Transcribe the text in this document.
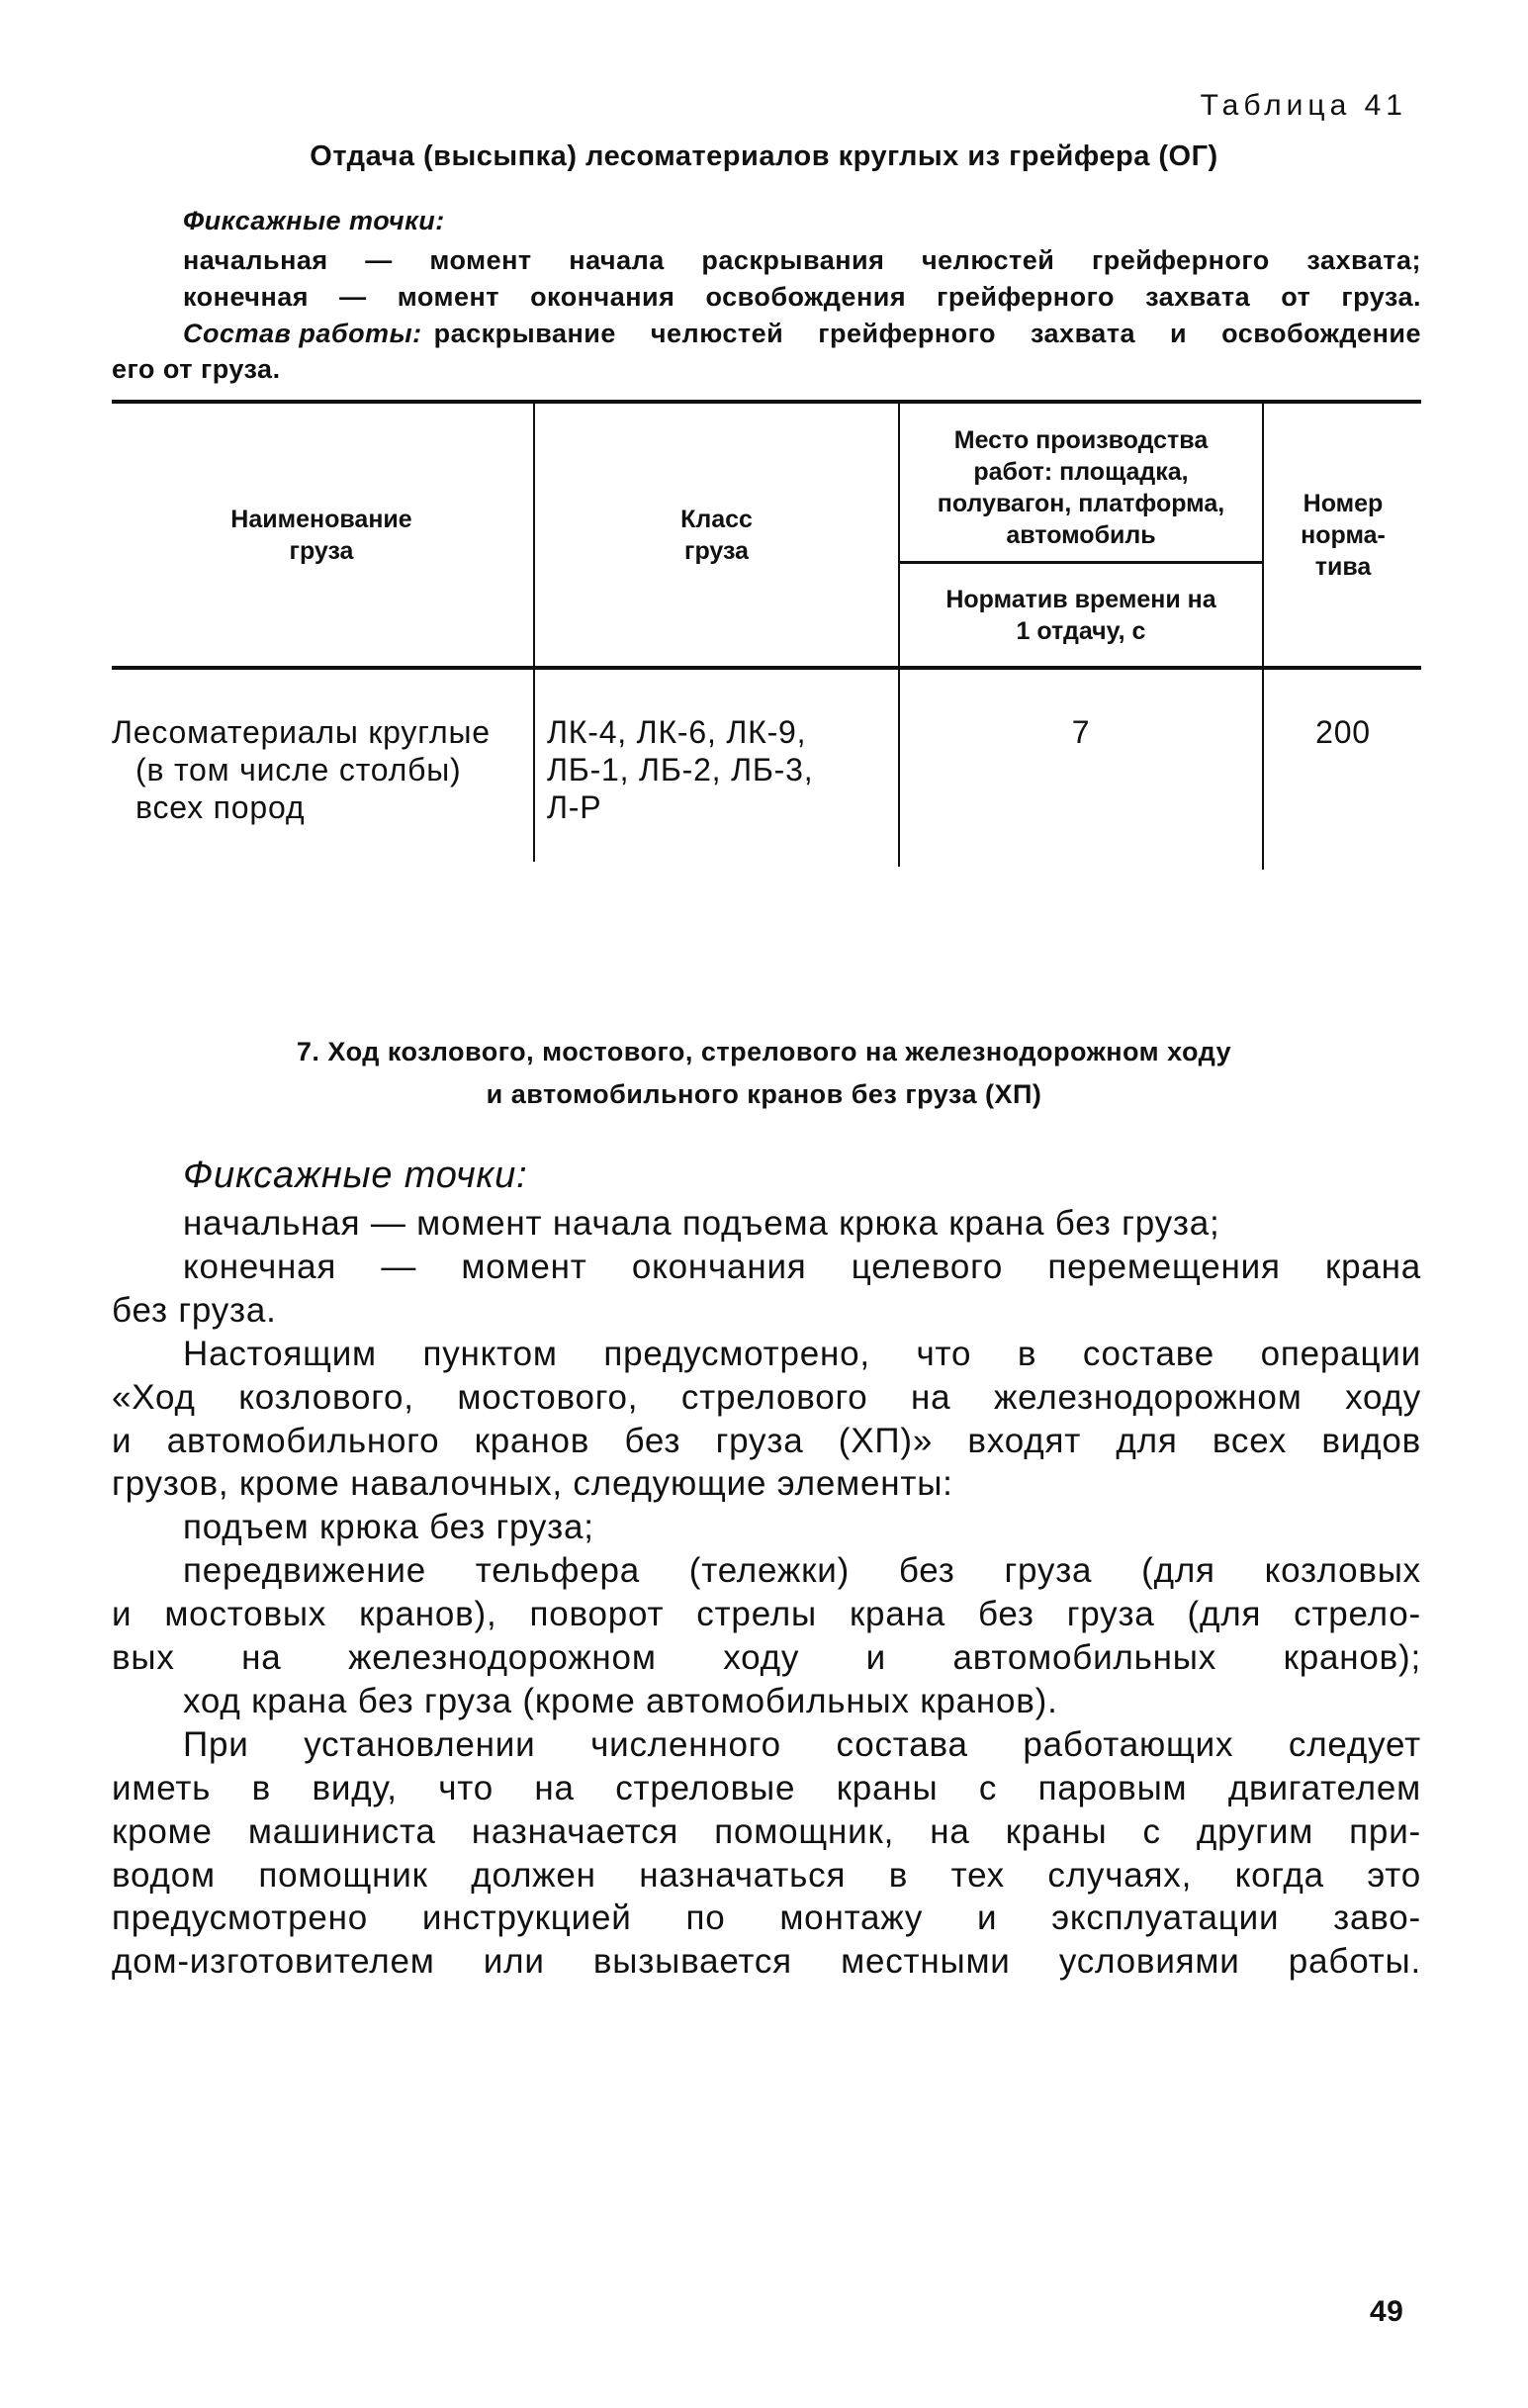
Таблица 41
Отдача (высыпка) лесоматериалов круглых из грейфера (ОГ)
Фиксажные точки:
начальная — момент начала раскрывания челюстей грейферного захвата;
конечная — момент окончания освобождения грейферного захвата от груза.
Состав работы: раскрывание челюстей грейферного захвата и освобождение
его от груза.
Наименование груза
Класс груза
Место производства работ: площадка, полувагон, платформа, автомобиль
Норматив времени на 1 отдачу, с
Номер норма-тива
Лесоматериалы круглые
(в том числе столбы)
всех пород
ЛК-4, ЛК-6, ЛК-9,
ЛБ-1, ЛБ-2, ЛБ-3,
Л-Р
7	200
7. Ход козлового, мостового, стрелового на железнодорожном ходу
и автомобильного кранов без груза (ХП)
Фиксажные точки:
начальная — момент начала подъема крюка крана без груза;
конечная — момент окончания целевого перемещения крана
без груза.
Настоящим пунктом предусмотрено, что в составе операции
«Ход козлового, мостового, стрелового на железнодорожном ходу
и автомобильного кранов без груза (ХП)» входят для всех видов
грузов, кроме навалочных, следующие элементы:
подъем крюка без груза;
передвижение тельфера (тележки) без груза (для козловых
и мостовых кранов), поворот стрелы крана без груза (для стрело-
вых на железнодорожном ходу и автомобильных кранов);
ход крана без груза (кроме автомобильных кранов).
При установлении численного состава работающих следует
иметь в виду, что на стреловые краны с паровым двигателем
кроме машиниста назначается помощник, на краны с другим при-
водом помощник должен назначаться в тех случаях, когда это
предусмотрено инструкцией по монтажу и эксплуатации заво-
дом-изготовителем или вызывается местными условиями работы.
49
